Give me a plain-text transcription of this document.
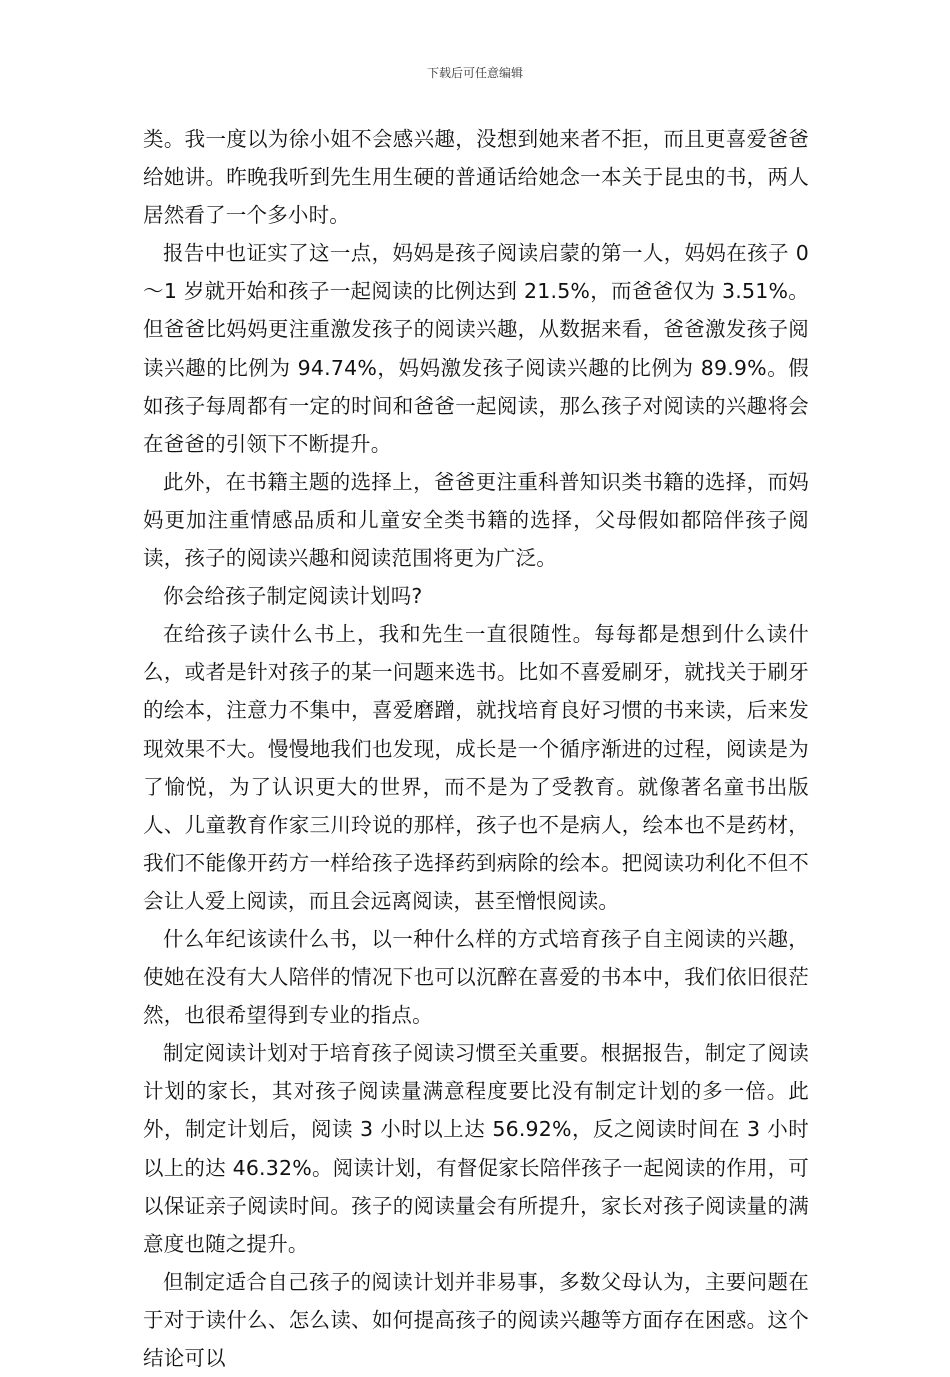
下载后可任意编辑

类。我一度以为徐小姐不会感兴趣，没想到她来者不拒，而且更喜爱爸爸给她讲。昨晚我听到先生用生硬的普通话给她念一本关于昆虫的书，两人居然看了一个多小时。

报告中也证实了这一点，妈妈是孩子阅读启蒙的第一人，妈妈在孩子 0～1 岁就开始和孩子一起阅读的比例达到 21.5%，而爸爸仅为 3.51%。但爸爸比妈妈更注重激发孩子的阅读兴趣，从数据来看，爸爸激发孩子阅读兴趣的比例为 94.74%，妈妈激发孩子阅读兴趣的比例为 89.9%。假如孩子每周都有一定的时间和爸爸一起阅读，那么孩子对阅读的兴趣将会在爸爸的引领下不断提升。

此外，在书籍主题的选择上，爸爸更注重科普知识类书籍的选择，而妈妈更加注重情感品质和儿童安全类书籍的选择，父母假如都陪伴孩子阅读，孩子的阅读兴趣和阅读范围将更为广泛。

你会给孩子制定阅读计划吗?

在给孩子读什么书上，我和先生一直很随性。每每都是想到什么读什么，或者是针对孩子的某一问题来选书。比如不喜爱刷牙，就找关于刷牙的绘本，注意力不集中，喜爱磨蹭，就找培育良好习惯的书来读，后来发现效果不大。慢慢地我们也发现，成长是一个循序渐进的过程，阅读是为了愉悦，为了认识更大的世界，而不是为了受教育。就像著名童书出版人、儿童教育作家三川玲说的那样，孩子也不是病人，绘本也不是药材，我们不能像开药方一样给孩子选择药到病除的绘本。把阅读功利化不但不会让人爱上阅读，而且会远离阅读，甚至憎恨阅读。

什么年纪该读什么书，以一种什么样的方式培育孩子自主阅读的兴趣，使她在没有大人陪伴的情况下也可以沉醉在喜爱的书本中，我们依旧很茫然，也很希望得到专业的指点。

制定阅读计划对于培育孩子阅读习惯至关重要。根据报告，制定了阅读计划的家长，其对孩子阅读量满意程度要比没有制定计划的多一倍。此外，制定计划后，阅读 3 小时以上达 56.92%，反之阅读时间在 3 小时以上的达 46.32%。阅读计划，有督促家长陪伴孩子一起阅读的作用，可以保证亲子阅读时间。孩子的阅读量会有所提升，家长对孩子阅读量的满意度也随之提升。

但制定适合自己孩子的阅读计划并非易事，多数父母认为，主要问题在于对于读什么、怎么读、如何提高孩子的阅读兴趣等方面存在困惑。这个结论可以
